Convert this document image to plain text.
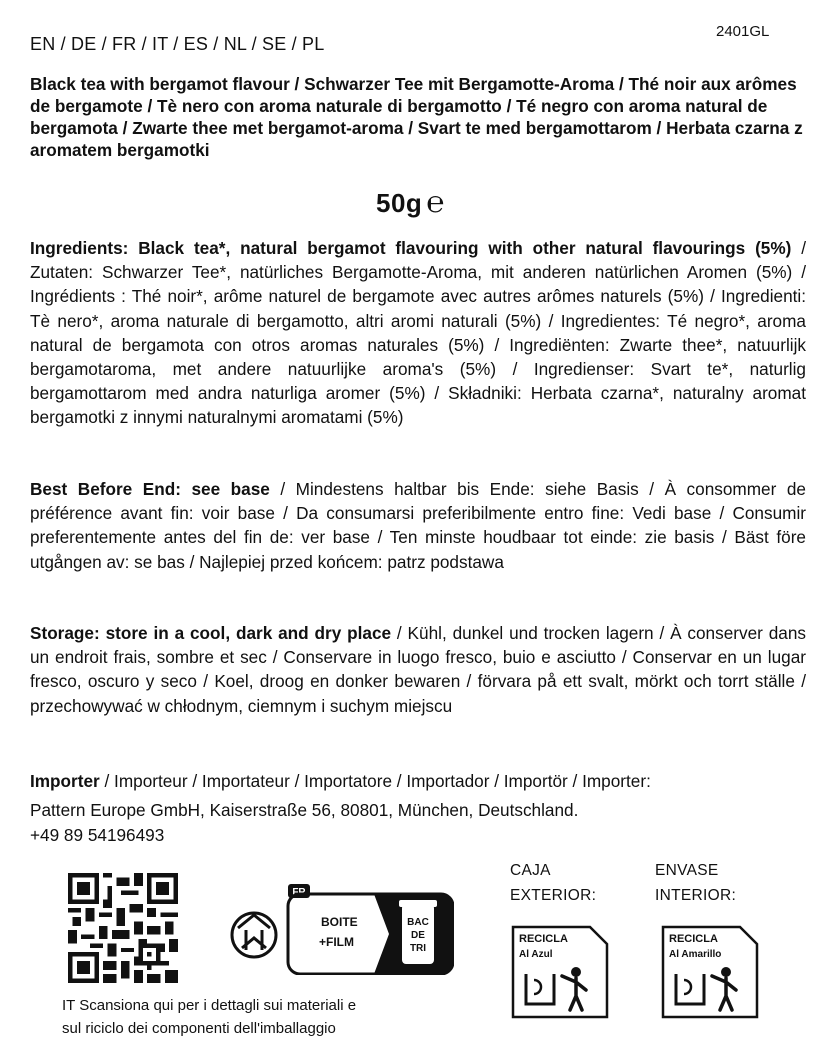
EN / DE / FR / IT / ES / NL / SE / PL
2401GL
Black tea with bergamot flavour / Schwarzer Tee mit Bergamotte-Aroma / Thé noir aux arômes de bergamote / Tè nero con aroma naturale di bergamotto / Té negro con aroma natural de bergamota / Zwarte thee met bergamot-aroma / Svart te med bergamottarom / Herbata czarna z aromatem bergamotki
50g ℮
Ingredients: Black tea*, natural bergamot flavouring with other natural flavourings (5%) / Zutaten: Schwarzer Tee*, natürliches Bergamotte-Aroma, mit anderen natürlichen Aromen (5%) / Ingrédients : Thé noir*, arôme naturel de bergamote avec autres arômes naturels (5%) / Ingredienti: Tè nero*, aroma naturale di bergamotto, altri aromi naturali (5%) / Ingredientes: Té negro*, aroma natural de bergamota con otros aromas naturales (5%) / Ingrediënten: Zwarte thee*, natuurlijk bergamotaroma, met andere natuurlijke aroma's (5%) / Ingredienser: Svart te*, naturlig bergamottarom med andra naturliga aromer (5%) / Składniki: Herbata czarna*, naturalny aromat bergamotki z innymi naturalnymi aromatami (5%)
Best Before End: see base / Mindestens haltbar bis Ende: siehe Basis / À consommer de préférence avant fin: voir base / Da consumarsi preferibilmente entro fine: Vedi base / Consumir preferentemente antes del fin de: ver base / Ten minste houdbaar tot einde: zie basis / Bäst före utgången av: se bas / Najlepiej przed końcem: patrz podstawa
Storage: store in a cool, dark and dry place / Kühl, dunkel und trocken lagern / À conserver dans un endroit frais, sombre et sec / Conservare in luogo fresco, buio e asciutto / Conservar en un lugar fresco, oscuro y seco / Koel, droog en donker bewaren / förvara på ett svalt, mörkt och torrt ställe / przechowywać w chłodnym, ciemnym i suchym miejscu
Importer / Importeur / Importateur / Importatore / Importador / Importör / Importer:
Pattern Europe GmbH, Kaiserstraße 56, 80801, München, Deutschland.
+49 89 54196493
FR
BOITE
+FILM
BAC
DE
TRI
IT Scansiona qui per i dettagli sui materiali e
sul riciclo dei componenti dell'imballaggio
CAJA
EXTERIOR:
ENVASE
INTERIOR:
RECICLA
Al Azul
RECICLA
Al Amarillo
